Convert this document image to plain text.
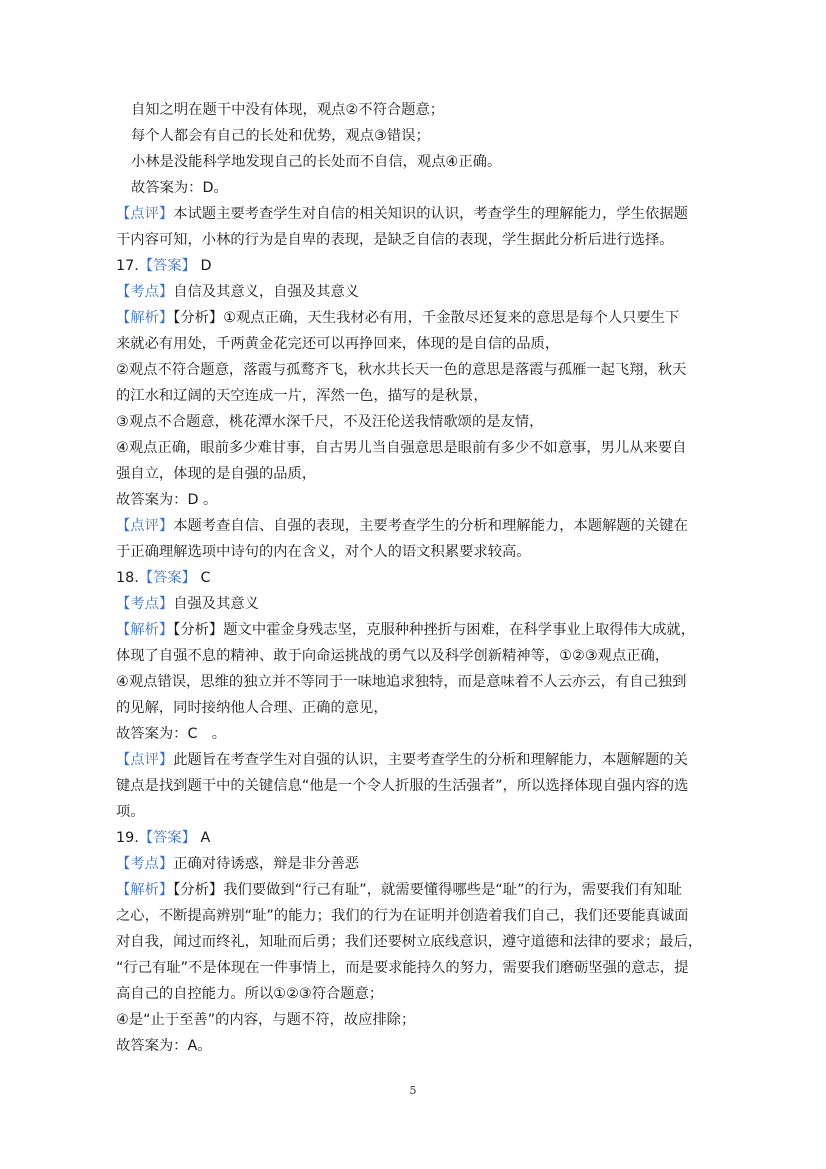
自知之明在题干中没有体现，观点②不符合题意；
每个人都会有自己的长处和优势，观点③错误；
小林是没能科学地发现自己的长处而不自信，观点④正确。
故答案为：D。
【点评】本试题主要考查学生对自信的相关知识的认识，考查学生的理解能力，学生依据题
干内容可知，小林的行为是自卑的表现，是缺乏自信的表现，学生据此分析后进行选择。
17.【答案】 D
【考点】自信及其意义，自强及其意义
【解析】【分析】①观点正确，天生我材必有用，千金散尽还复来的意思是每个人只要生下
来就必有用处，千两黄金花完还可以再挣回来，体现的是自信的品质，
②观点不符合题意，落霞与孤鹜齐飞，秋水共长天一色的意思是落霞与孤雁一起飞翔，秋天
的江水和辽阔的天空连成一片，浑然一色，描写的是秋景，
③观点不合题意，桃花潭水深千尺，不及汪伦送我情歌颂的是友情，
④观点正确，眼前多少难甘事，自古男儿当自强意思是眼前有多少不如意事，男儿从来要自
强自立，体现的是自强的品质，
故答案为：D 。
【点评】本题考查自信、自强的表现，主要考查学生的分析和理解能力，本题解题的关键在
于正确理解选项中诗句的内在含义，对个人的语文积累要求较高。
18.【答案】 C
【考点】自强及其意义
【解析】【分析】题文中霍金身残志坚，克服种种挫折与困难，在科学事业上取得伟大成就，
体现了自强不息的精神、敢于向命运挑战的勇气以及科学创新精神等，①②③观点正确，
④观点错误，思维的独立并不等同于一味地追求独特，而是意味着不人云亦云，有自己独到
的见解，同时接纳他人合理、正确的意见，
故答案为：C　。
【点评】此题旨在考查学生对自强的认识，主要考查学生的分析和理解能力，本题解题的关
键点是找到题干中的关键信息“他是一个令人折服的生活强者”，所以选择体现自强内容的选
项。
19.【答案】 A
【考点】正确对待诱惑，辩是非分善恶
【解析】【分析】我们要做到“行己有耻”，就需要懂得哪些是“耻”的行为，需要我们有知耻
之心，不断提高辨别“耻”的能力；我们的行为在证明并创造着我们自己，我们还要能真诚面
对自我，闻过而终礼，知耻而后勇；我们还要树立底线意识，遵守道德和法律的要求；最后，
“行己有耻”不是体现在一件事情上，而是要求能持久的努力，需要我们磨砺坚强的意志，提
高自己的自控能力。所以①②③符合题意；
④是“止于至善”的内容，与题不符，故应排除；
故答案为：A。
5
